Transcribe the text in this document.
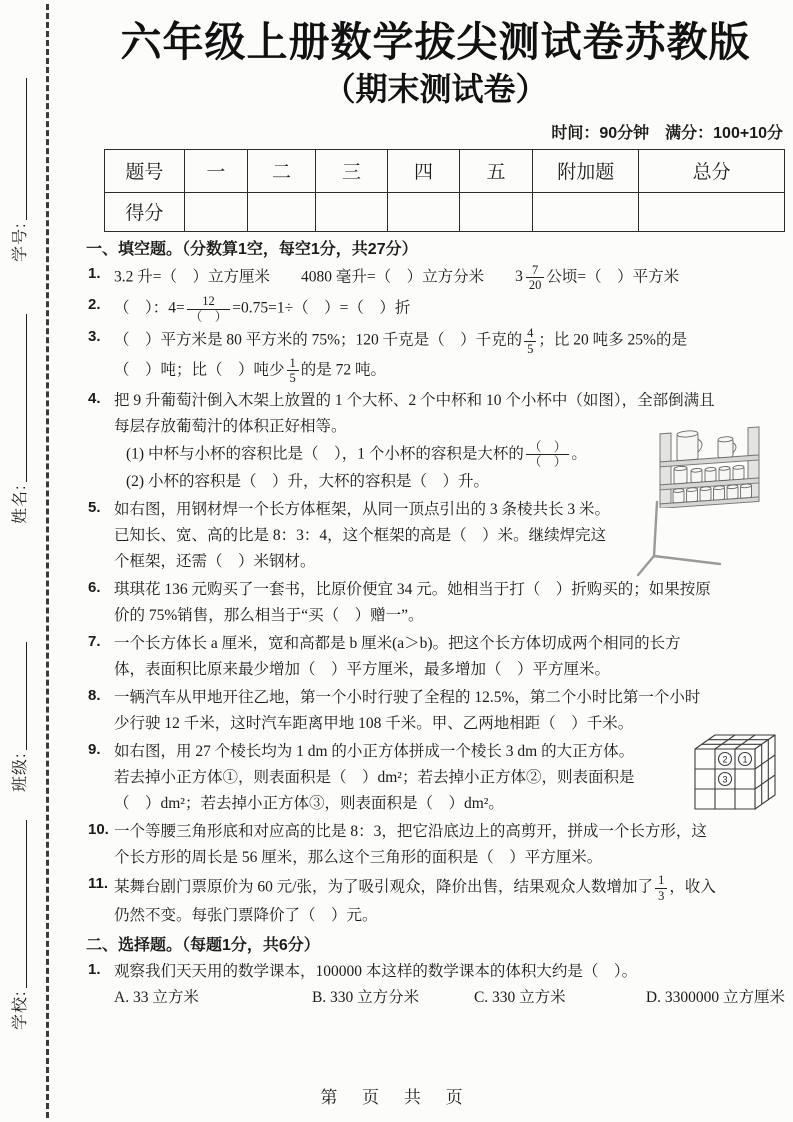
学号:
姓名:
班级:
学校:
六年级上册数学拔尖测试卷苏教版
（期末测试卷）
时间：90分钟　满分：100+10分
题号	一	二	三	四	五	附加题	总分
得分							
一、填空题。（分数算1空，每空1分，共27分）
1. 3.2 升=（　）立方厘米　　4080 毫升=（　）立方分米　　$3 \frac{7}{20}$ 公顷=（　）平方米
2. （　）：$4= \frac{12}{( )} =0.75=1\div$（　）=（　）折
3. （　）平方米是 80 平方米的 75%；120 千克是（　）千克的 $\frac{4}{5}$ ；比 20 吨多 25%的是
（　）吨；比（　）吨少 $\frac{1}{5}$ 的是 72 吨。
4. 把 9 升葡萄汁倒入木架上放置的 1 个大杯、2 个中杯和 10 个小杯中（如图），全部倒满且
每层存放葡萄汁的体积正好相等。
(1) 中杯与小杯的容积比是（　），1 个小杯的容积是大杯的 $\frac{( )}{( )}$ 。
(2) 小杯的容积是（　）升，大杯的容积是（　）升。
5. 如右图，用钢材焊一个长方体框架，从同一顶点引出的 3 条棱共长 3 米。
已知长、宽、高的比是 8：3：4，这个框架的高是（　）米。继续焊完这
个框架，还需（　）米钢材。
6. 琪琪花 136 元购买了一套书，比原价便宜 34 元。她相当于打（　）折购买的；如果按原
价的 75%销售，那么相当于“买（　）赠一”。
7. 一个长方体长 a 厘米，宽和高都是 b 厘米(a＞b)。把这个长方体切成两个相同的长方
体，表面积比原来最少增加（　）平方厘米，最多增加（　）平方厘米。
8. 一辆汽车从甲地开往乙地，第一个小时行驶了全程的 12.5%，第二个小时比第一个小时
少行驶 12 千米，这时汽车距离甲地 108 千米。甲、乙两地相距（　）千米。
9.
2 1
3
如右图，用 27 个棱长均为 1 dm 的小正方体拼成一个棱长 3 dm 的大正方体。
若去掉小正方体①，则表面积是（　）dm²；若去掉小正方体②，则表面积是
（　）dm²；若去掉小正方体③，则表面积是（　）dm²。
10. 一个等腰三角形底和对应高的比是 8：3，把它沿底边上的高剪开，拼成一个长方形，这
个长方形的周长是 56 厘米，那么这个三角形的面积是（　）平方厘米。
11. 某舞台剧门票原价为 60 元/张，为了吸引观众，降价出售，结果观众人数增加了 $\frac{1}{3}$ ，收入
仍然不变。每张门票降价了（　）元。
二、选择题。（每题1分，共6分）
1. 观察我们天天用的数学课本，100000 本这样的数学课本的体积大约是（　）。
A. 33 立方米	B. 330 立方分米	C. 330 立方米	D. 3300000 立方厘米
第 页 共 页
